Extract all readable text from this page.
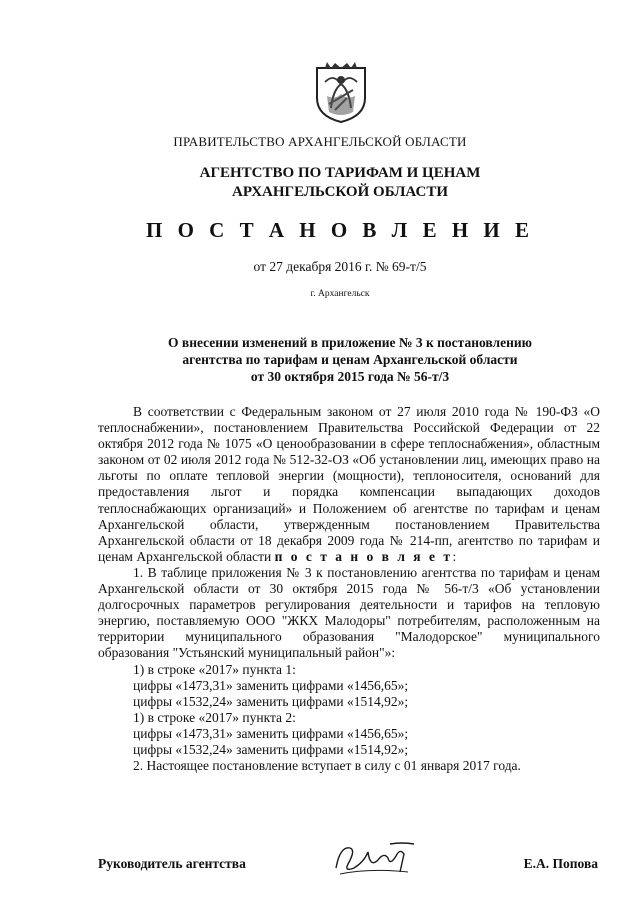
ПРАВИТЕЛЬСТВО АРХАНГЕЛЬСКОЙ ОБЛАСТИ
АГЕНТСТВО ПО ТАРИФАМ И ЦЕНАМ
АРХАНГЕЛЬСКОЙ ОБЛАСТИ
П О С Т А Н О В Л Е Н И Е
от 27 декабря 2016 г. № 69-т/5
г. Архангельск
О внесении изменений в приложение № 3 к постановлению
агентства по тарифам и ценам Архангельской области
от 30 октября 2015 года № 56-т/3

В соответствии с Федеральным законом от 27 июля 2010 года № 190-ФЗ «О теплоснабжении», постановлением Правительства Российской Федерации от 22 октября 2012 года № 1075 «О ценообразовании в сфере теплоснабжения», областным законом от 02 июля 2012 года № 512-32-ОЗ «Об установлении лиц, имеющих право на льготы по оплате тепловой энергии (мощности), теплоносителя, оснований для предоставления льгот и порядка компенсации выпадающих доходов теплоснабжающих организаций» и Положением об агентстве по тарифам и ценам Архангельской области, утвержденным постановлением Правительства Архангельской области от 18 декабря 2009 года № 214-пп, агентство по тарифам и ценам Архангельской области п о с т а н о в л я е т:

1. В таблице приложения № 3 к постановлению агентства по тарифам и ценам Архангельской области от 30 октября 2015 года № 56-т/3 «Об установлении долгосрочных параметров регулирования деятельности и тарифов на тепловую энергию, поставляемую ООО "ЖКХ Малодоры" потребителям, расположенным на территории муниципального образования "Малодорское" муниципального образования "Устьянский муниципальный район"»:

1) в строке «2017» пункта 1:

цифры «1473,31» заменить цифрами «1456,65»;

цифры «1532,24» заменить цифрами «1514,92»;

1) в строке «2017» пункта 2:

цифры «1473,31» заменить цифрами «1456,65»;

цифры «1532,24» заменить цифрами «1514,92»;

2. Настоящее постановление вступает в силу с 01 января 2017 года.

Руководитель агентства	Е.А. Попова
